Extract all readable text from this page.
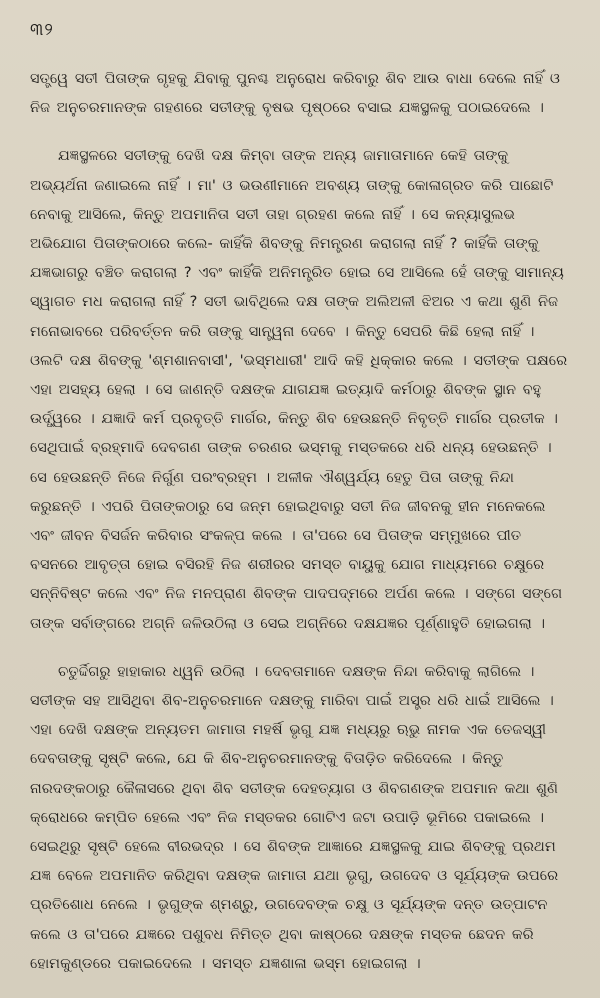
୩୨

ସତ୍ତ୍ୱେ ସତୀ ପିତାଙ୍କ ଗୃହକୁ ଯିବାକୁ ପୁନଶ୍ଚ ଅନୁରୋଧ କରିବାରୁ ଶିବ ଆଉ ବାଧା ଦେଲେ ନାହିଁ ଓ ନିଜ ଅନୁଚରମାନଙ୍କ ଗହଣରେ ସତୀଙ୍କୁ ବୃଷଭ ପୃଷ୍ଠରେ ବସାଇ ଯଜ୍ଞସ୍ଥଳକୁ ପଠାଇଦେଲେ ।

ଯଜ୍ଞସ୍ଥଳରେ ସତୀଙ୍କୁ ଦେଖି ଦକ୍ଷ କିମ୍ବା ତାଙ୍କ ଅନ୍ୟ ଜାମାତାମାନେ କେହି ତାଙ୍କୁ ଅଭ୍ୟର୍ଥନା ଜଣାଇଲେ ନାହିଁ । ମା' ଓ ଭଉଣୀମାନେ ଅବଶ୍ୟ ତାଙ୍କୁ କୋଳାଗ୍ରତ କରି ପାଛୋଟି ନେବାକୁ ଆସିଲେ, କିନ୍ତୁ ଅପମାନିତା ସତୀ ତାହା ଗ୍ରହଣ କଲେ ନାହିଁ । ସେ କନ୍ୟାସୁଲଭ ଅଭିଯୋଗ ପିତାଙ୍କଠାରେ କଲେ- କାହିଁକି ଶିବଙ୍କୁ ନିମନ୍ତ୍ରଣ କରାଗଲା ନାହିଁ ? କାହିଁକି ତାଙ୍କୁ ଯଜ୍ଞଭାଗରୁ ବଞ୍ଚିତ କରାଗଲା ? ଏବଂ କାହିଁକି ଅନିମନ୍ତ୍ରିତ ହୋଇ ସେ ଆସିଲେ ହେଁ ତାଙ୍କୁ ସାମାନ୍ୟ ସ୍ୱାଗତ ମଧ କରାଗଲା ନାହିଁ ? ସତୀ ଭାବିଥିଲେ ଦକ୍ଷ ତାଙ୍କ ଅଲିଅଳୀ ଝିଅର ଏ କଥା ଶୁଣି ନିଜ ମନୋଭାବରେ ପରିବର୍ତ୍ତନ କରି ତାଙ୍କୁ ସାନ୍ତ୍ୱନା ଦେବେ । କିନ୍ତୁ ସେପରି କିଛି ହେଲା ନାହିଁ । ଓଲଟି ଦକ୍ଷ ଶିବଙ୍କୁ 'ଶ୍ମଶାନବାସୀ', 'ଭସ୍ମଧାରୀ' ଆଦି କହି ଧିକ୍କାର କଲେ । ସତୀଙ୍କ ପକ୍ଷରେ ଏହା ଅସହ୍ୟ ହେଲା । ସେ ଜାଣନ୍ତି ଦକ୍ଷଙ୍କ ଯାଗଯଜ୍ଞ ଇତ୍ୟାଦି କର୍ମଠାରୁ ଶିବଙ୍କ ସ୍ଥାନ ବହୁ ଉର୍ଦ୍ଧ୍ୱରେ । ଯଜ୍ଞାଦି କର୍ମ ପ୍ରବୃତ୍ତି ମାର୍ଗର, କିନ୍ତୁ ଶିବ ହେଉଛନ୍ତି ନିବୃତ୍ତି ମାର୍ଗର ପ୍ରତୀକ । ସେଥିପାଇଁ ବ୍ରହ୍ମାଦି ଦେବଗଣ ତାଙ୍କ ଚରଣର ଭସ୍ମକୁ ମସ୍ତକରେ ଧରି ଧନ୍ୟ ହେଉଛନ୍ତି । ସେ ହେଉଛନ୍ତି ନିଜେ ନିର୍ଗୁଣ ପରଂବ୍ରହ୍ମ । ଅଳୀକ ଐଶ୍ୱର୍ଯ୍ୟ ହେତୁ ପିତା ତାଙ୍କୁ ନିନ୍ଦା କରୁଛନ୍ତି । ଏପରି ପିତାଙ୍କଠାରୁ ସେ ଜନ୍ମ ହୋଇଥିବାରୁ ସତୀ ନିଜ ଜୀବନକୁ ହୀନ ମନେକଲେ ଏବଂ ଜୀବନ ବିସର୍ଜନ କରିବାର ସଂକଳ୍ପ କଲେ । ତା'ପରେ ସେ ପିତାଙ୍କ ସମ୍ମୁଖରେ ପୀତ ବସନରେ ଆବୃତ୍ତା ହୋଇ ବସିରହି ନିଜ ଶରୀରର ସମସ୍ତ ବାୟୁକୁ ଯୋଗ ମାଧ୍ୟମରେ ଚକ୍ଷୁରେ ସନ୍ନିବିଷ୍ଟ କଲେ ଏବଂ ନିଜ ମନପ୍ରାଣ ଶିବଙ୍କ ପାଦପଦ୍ମରେ ଅର୍ପଣ କଲେ । ସଙ୍ଗେ ସଙ୍ଗେ ତାଙ୍କ ସର୍ବାଙ୍ଗରେ ଅଗ୍ନି ଜଳିଉଠିଲା ଓ ସେଇ ଅଗ୍ନିରେ ଦକ୍ଷଯଜ୍ଞର ପୂର୍ଣ୍ଣାହୁତି ହୋଇଗଲା ।

ଚତୁର୍ଦ୍ଦିଗରୁ ହାହାକାର ଧ୍ୱନି ଉଠିଲା । ଦେବତାମାନେ ଦକ୍ଷଙ୍କ ନିନ୍ଦା କରିବାକୁ ଲାଗିଲେ । ସତୀଙ୍କ ସହ ଆସିଥିବା ଶିବ-ଅନୁଚରମାନେ ଦକ୍ଷଙ୍କୁ ମାରିବା ପାଇଁ ଅସ୍ତ୍ର ଧରି ଧାଇଁ ଆସିଲେ । ଏହା ଦେଖି ଦକ୍ଷଙ୍କ ଅନ୍ୟତମ ଜାମାତା ମହର୍ଷି ଭୃଗୁ ଯଜ୍ଞ ମଧ୍ୟରୁ ଋଭୁ ନାମକ ଏକ ତେଜସ୍ୱୀ ଦେବତାଙ୍କୁ ସୃଷ୍ଟି କଲେ, ଯେ କି ଶିବ-ଅନୁଚରମାନଙ୍କୁ ବିତାଡ଼ିତ କରିଦେଲେ । କିନ୍ତୁ ନାରଦଙ୍କଠାରୁ କୈଳାସରେ ଥିବା ଶିବ ସତୀଙ୍କ ଦେହତ୍ୟାଗ ଓ ଶିବଗଣଙ୍କ ଅପମାନ କଥା ଶୁଣି କ୍ରୋଧରେ କମ୍ପିତ ହେଲେ ଏବଂ ନିଜ ମସ୍ତକର ଗୋଟିଏ ଜଟା ଉପାଡ଼ି ଭୂମିରେ ପକାଇଲେ । ସେଇଥିରୁ ସୃଷ୍ଟି ହେଲେ ବୀରଭଦ୍ର । ସେ ଶିବଙ୍କ ଆଜ୍ଞାରେ ଯଜ୍ଞସ୍ଥଳକୁ ଯାଇ ଶିବଙ୍କୁ ପ୍ରଥମ ଯଜ୍ଞ ବେଳେ ଅପମାନିତ କରିଥିବା ଦକ୍ଷଙ୍କ ଜାମାତା ଯଥା ଭୃଗୁ, ଉଗଦେବ ଓ ସୂର୍ଯ୍ୟଙ୍କ ଉପରେ ପ୍ରତିଶୋଧ ନେଲେ । ଭୃଗୁଙ୍କ ଶ୍ମଶ୍ରୁ, ଉଗଦେବଙ୍କ ଚକ୍ଷୁ ଓ ସୂର୍ଯ୍ୟଙ୍କ ଦନ୍ତ ଉତ୍ପାଟନ କଲେ ଓ ତା'ପରେ ଯଜ୍ଞରେ ପଶୁବଧ ନିମିତ୍ତ ଥିବା କାଷ୍ଠରେ ଦକ୍ଷଙ୍କ ମସ୍ତକ ଛେଦନ କରି ହୋମକୁଣ୍ଡରେ ପକାଇଦେଲେ । ସମସ୍ତ ଯଜ୍ଞଶାଳା ଭସ୍ମ ହୋଇଗଲା ।
